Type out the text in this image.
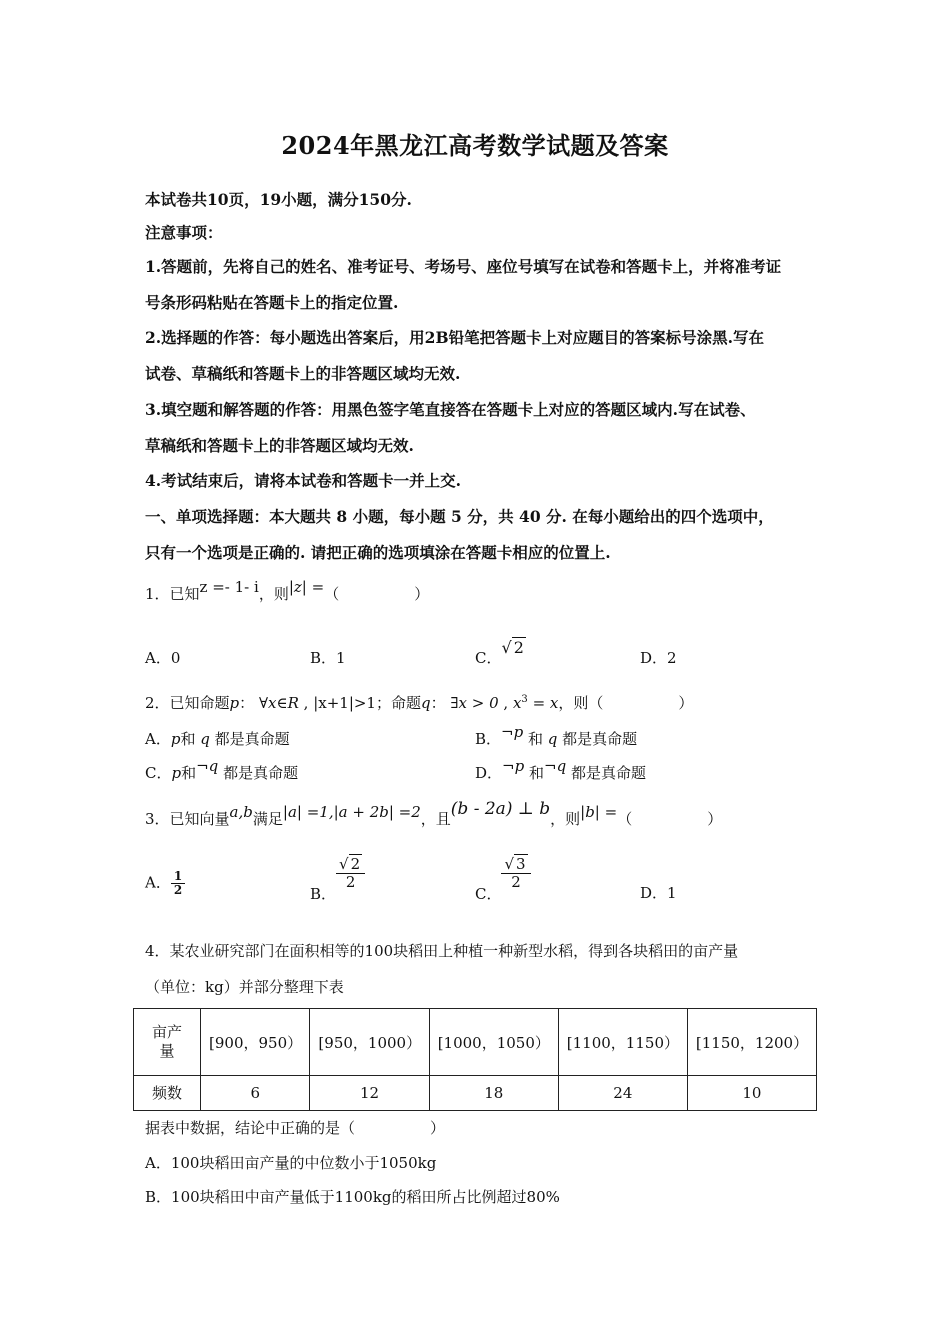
2024年黑龙江高考数学试题及答案
本试卷共10页，19小题，满分150分.
注意事项：
1.答题前，先将自己的姓名、准考证号、考场号、座位号填写在试卷和答题卡上，并将准考证
号条形码粘贴在答题卡上的指定位置.
2.选择题的作答：每小题选出答案后，用2B铅笔把答题卡上对应题目的答案标号涂黑.写在
试卷、草稿纸和答题卡上的非答题区域均无效.
3.填空题和解答题的作答：用黑色签字笔直接答在答题卡上对应的答题区域内.写在试卷、
草稿纸和答题卡上的非答题区域均无效.
4.考试结束后，请将本试卷和答题卡一并上交.
一、单项选择题：本大题共 8 小题，每小题 5 分，共 40 分. 在每小题给出的四个选项中，
只有一个选项是正确的. 请把正确的选项填涂在答题卡相应的位置上.
1．已知z =- 1- i，则|z| =（　　　　　）
A．0	B．1	C．√ 2
D．2
2．已知命题p： ∀x∈R , |x+1|>1；命题q： ∃x > 0 , $x^3 = x$，则（　　　　　）
A．p和 q 都是真命题	B．¬p 和 q 都是真命题
C．p和¬q 都是真命题	D．¬p 和¬q 都是真命题
3．已知向量a,b满足|a| =1,|a + 2b| =2，且(b - 2a) ⊥ b，则|b| =（　　　　　）
A． $\frac{1}{2}$	B．
$\frac{√ 2}{2}$
C．
$\frac{√ 3}{2}$
D．1
4．某农业研究部门在面积相等的100块稻田上种植一种新型水稻，得到各块稻田的亩产量
（单位：kg）并部分整理下表
亩产
量	[900，950）	[950，1000）	[1000，1050）	[1100，1150）	[1150，1200）
频数	6	12	18	24	10
据表中数据，结论中正确的是（　　　　　）
A．100块稻田亩产量的中位数小于1050kg
B．100块稻田中亩产量低于1100kg的稻田所占比例超过80%
